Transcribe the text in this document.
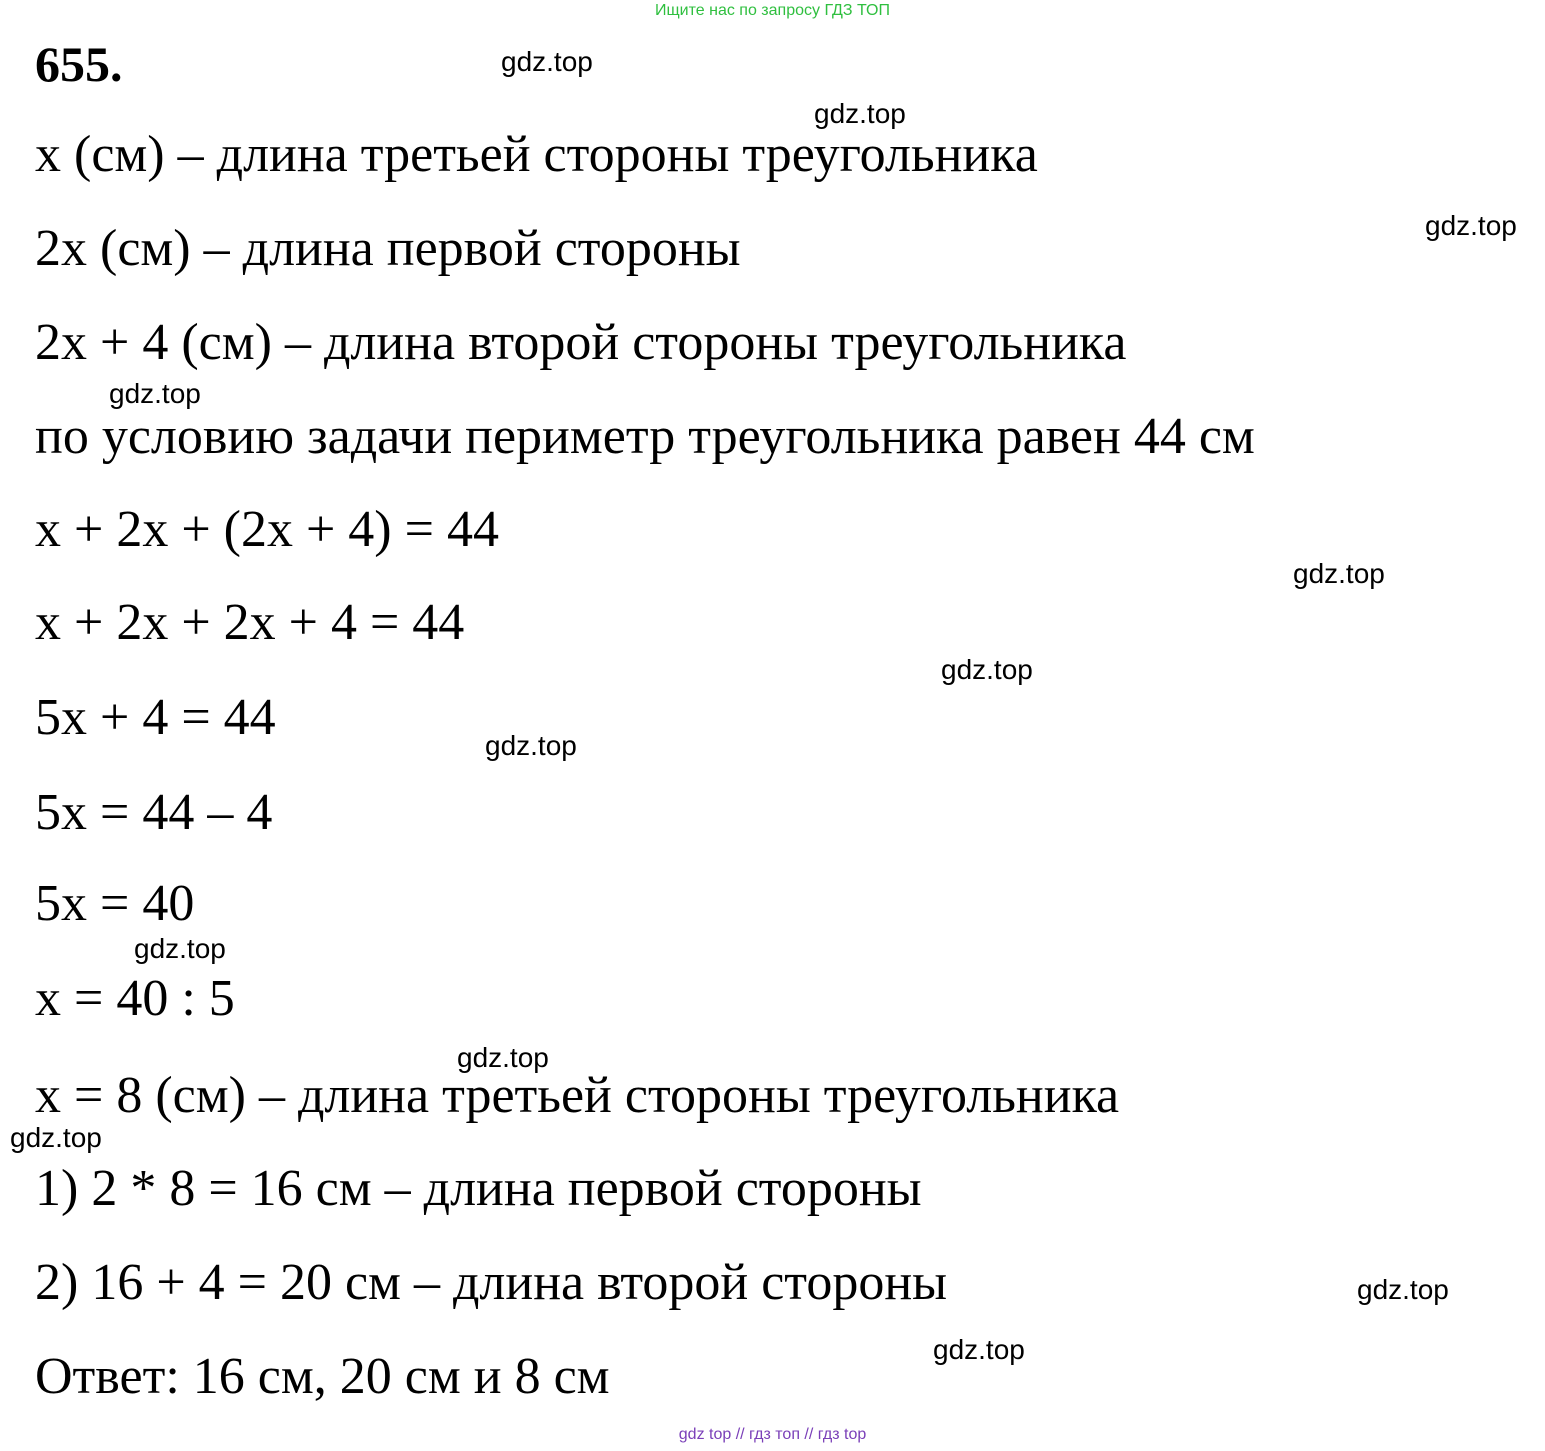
Ищите нас по запросу ГДЗ ТОП
655.
x (см) – длина третьей стороны треугольника
2x (см) – длина первой стороны
2x + 4 (см) – длина второй стороны треугольника
по условию задачи периметр треугольника равен 44 см
x + 2x + (2x + 4) = 44
x + 2x + 2x + 4 = 44
5x + 4 = 44
5x = 44 – 4
5x = 40
x = 40 : 5
x = 8 (см) – длина третьей стороны треугольника
1) 2 * 8 = 16 см – длина первой стороны
2) 16 + 4 = 20 см – длина второй стороны
Ответ: 16 см, 20 см и 8 см
gdz.top
gdz.top
gdz.top
gdz.top
gdz.top
gdz.top
gdz.top
gdz.top
gdz.top
gdz.top
gdz.top
gdz.top
gdz top // гдз топ // гдз top
